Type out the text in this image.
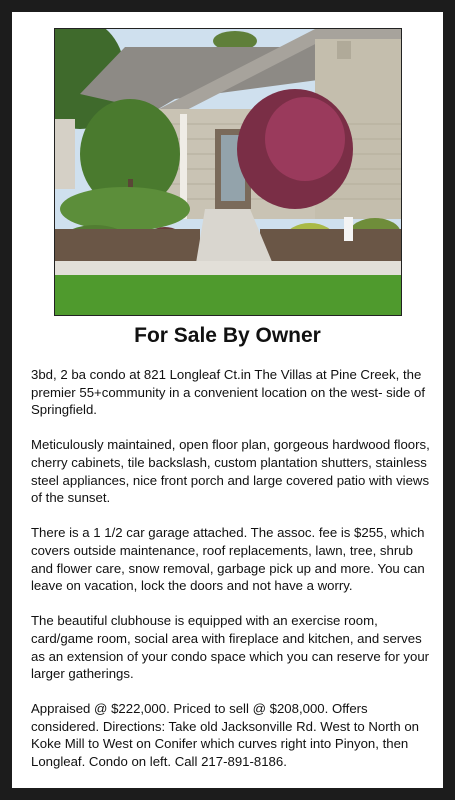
For Sale By Owner

3bd, 2 ba condo at 821 Longleaf Ct.in The Villas at Pine Creek, the premier 55+community in a convenient location on the west- side of Springfield.

Meticulously maintained, open floor plan, gorgeous hardwood floors, cherry cabinets, tile backslash, custom plantation shutters, stainless steel appliances, nice front porch and large covered patio with views of the sunset.

There is a 1 1/2 car garage attached. The assoc. fee is $255, which covers outside maintenance, roof replacements, lawn, tree, shrub and flower care, snow removal, garbage pick up and more. You can leave on vacation, lock the doors and not have a worry.

The beautiful clubhouse is equipped with an exercise room, card/game room, social area with fireplace and kitchen, and serves as an extension of your condo space which you can reserve for your larger gatherings.

Appraised @ $222,000. Priced to sell @ $208,000. Offers considered. Directions: Take old Jacksonville Rd. West to North on Koke Mill to West on Conifer which curves right into Pinyon, then Longleaf. Condo on left. Call 217-891-8186.
